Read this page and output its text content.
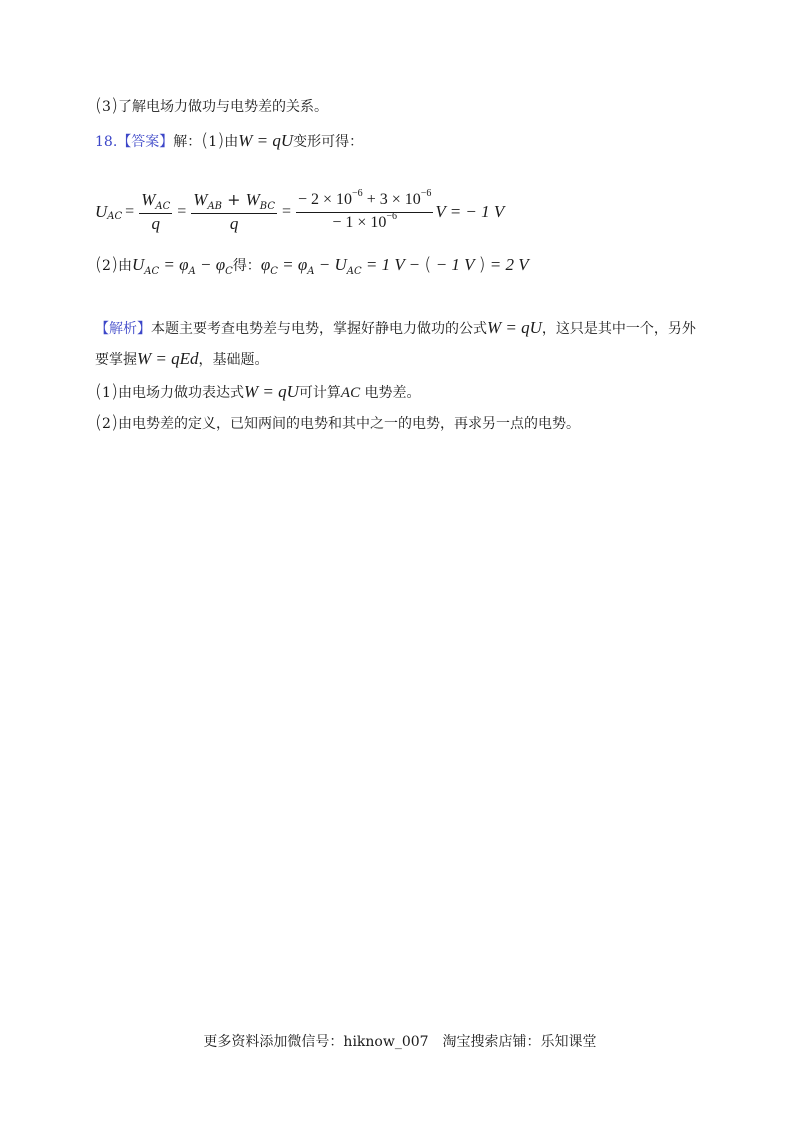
(3)了解电场力做功与电势差的关系。
18.【答案】解：(1)由W = qU变形可得：
U AC = $\frac{W_{AC}}{q} = \frac{W_{AB} + W_{BC}}{q} = \frac{- 2 \times 10^{-6} + 3 \times 10^{-6}}{- 1 \times 10^{-6}}$ V = − 1 V
(2)由$U_{AC} = \varphi_A - \varphi_C$得：$\varphi_C = \varphi_A - U_{AC} = 1$ V − ( − 1 V ) = 2 V
【解析】本题主要考查电势差与电势，掌握好静电力做功的公式W = qU，这只是其中一个，另外
要掌握W = qEd，基础题。
(1)由电场力做功表达式W = qU可计算AC 电势差。
(2)由电势差的定义，已知两间的电势和其中之一的电势，再求另一点的电势。
更多资料添加微信号：hiknow_007　淘宝搜索店铺：乐知课堂
